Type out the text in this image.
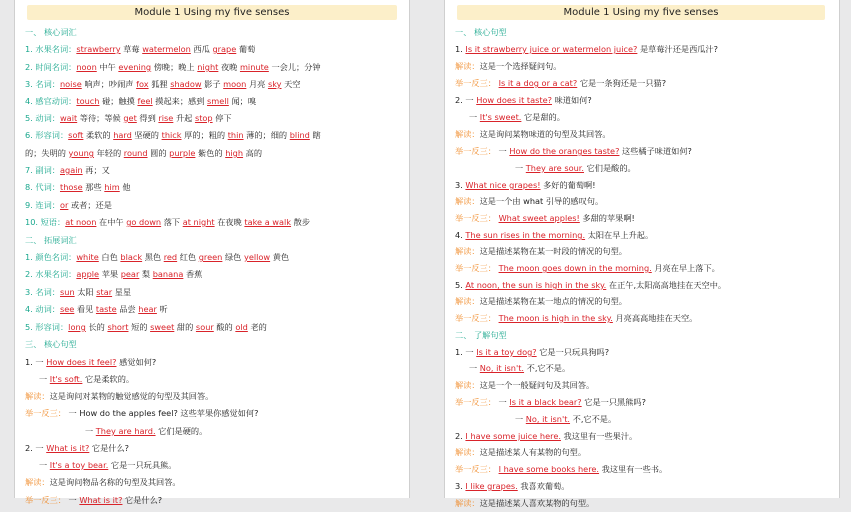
Module 1 Using my five senses
一、 核心词汇
1. 水果名词：strawberry 草莓 watermelon 西瓜 grape 葡萄
2. 时间名词：noon 中午 evening 傍晚；晚上 night 夜晚 minute 一会儿；分钟
3. 名词：noise 响声；吵闹声 fox 狐狸 shadow 影子 moon 月亮 sky 天空
4. 感官动词：touch 碰；触摸 feel 摸起来；感到 smell 闻；嗅
5. 动词：wait 等待；等候 get 得到 rise 升起 stop 停下
6. 形容词：soft 柔软的 hard 坚硬的 thick 厚的；粗的 thin 薄的；细的 blind 瞎
的；失明的 young 年轻的 round 圆的 purple 紫色的 high 高的
7. 副词：again 再；又
8. 代词：those 那些 him 他
9. 连词：or 或者；还是
10. 短语：at noon 在中午 go down 落下 at night 在夜晚 take a walk 散步
二、 拓展词汇
1. 颜色名词：white 白色 black 黑色 red 红色 green 绿色 yellow 黄色
2. 水果名词：apple 苹果 pear 梨 banana 香蕉
3. 名词：sun 太阳 star 星星
4. 动词：see 看见 taste 品尝 hear 听
5. 形容词：long 长的 short 短的 sweet 甜的 sour 酸的 old 老的
三、 核心句型
1. 一 How does it feel? 感觉如何?
一 It's soft. 它是柔软的。
解读：这是询问对某物的触觉感觉的句型及其回答。
举一反三： 一 How do the apples feel? 这些苹果你感觉如何?
一 They are hard. 它们是硬的。
2. 一 What is it? 它是什么?
一 It's a toy bear. 它是一只玩具熊。
解读：这是询问物品名称的句型及其回答。
举一反三： 一 What is it? 它是什么?
Module 1 Using my five senses
一、 核心句型
1. Is it strawberry juice or watermelon juice? 是草莓汁还是西瓜汁?
解读：这是一个选择疑问句。
举一反三： Is it a dog or a cat? 它是一条狗还是一只猫?
2. 一 How does it taste? 味道如何?
一 It's sweet. 它是甜的。
解读：这是询问某物味道的句型及其回答。
举一反三： 一 How do the oranges taste? 这些橘子味道如何?
一 They are sour. 它们是酸的。
3. What nice grapes! 多好的葡萄啊!
解读：这是一个由 what 引导的感叹句。
举一反三： What sweet apples! 多甜的苹果啊!
4. The sun rises in the morning. 太阳在早上升起。
解读：这是描述某物在某一时段的情况的句型。
举一反三： The moon goes down in the morning. 月亮在早上落下。
5. At noon, the sun is high in the sky. 在正午,太阳高高地挂在天空中。
解读：这是描述某物在某一地点的情况的句型。
举一反三： The moon is high in the sky. 月亮高高地挂在天空。
二、 了解句型
1. 一 Is it a toy dog? 它是一只玩具狗吗?
一 No, it isn't. 不,它不是。
解读：这是一个一般疑问句及其回答。
举一反三： 一 Is it a black bear? 它是一只黑熊吗?
一 No, it isn't. 不,它不是。
2. I have some juice here. 我这里有一些果汁。
解读：这是描述某人有某物的句型。
举一反三： I have some books here. 我这里有一些书。
3. I like grapes. 我喜欢葡萄。
解读：这是描述某人喜欢某物的句型。
